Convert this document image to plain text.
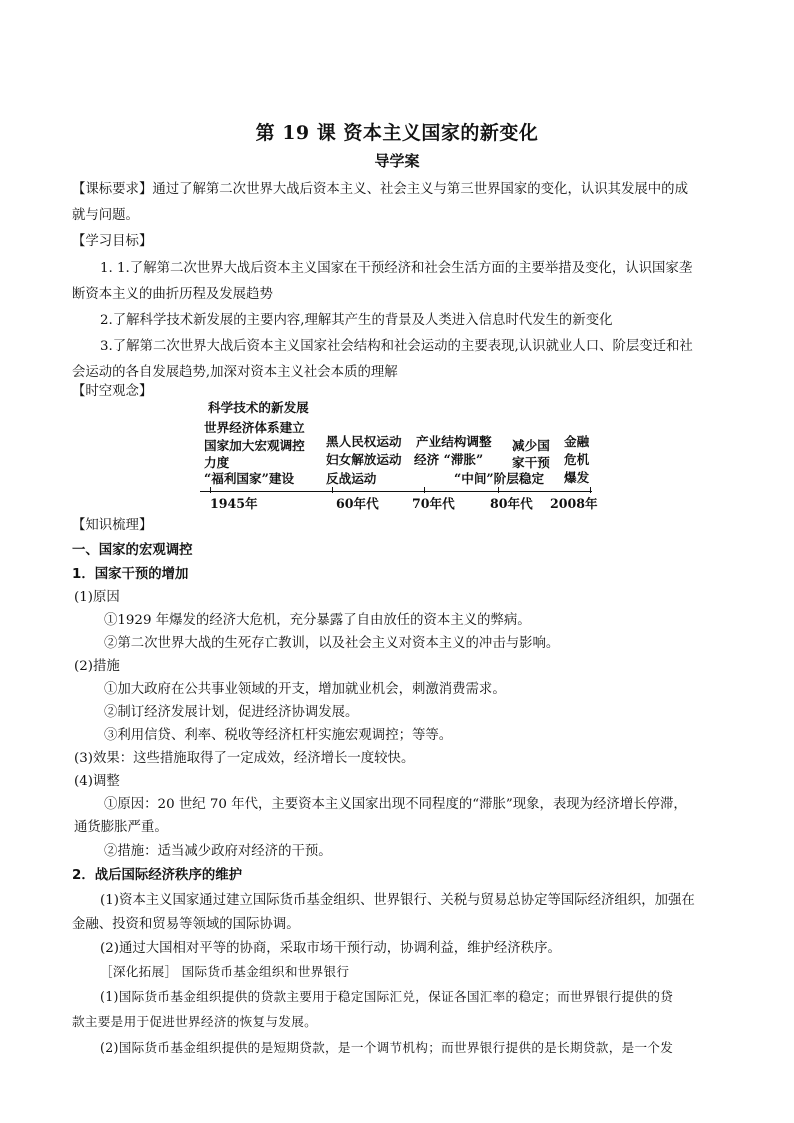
第 19 课 资本主义国家的新变化
导学案
【课标要求】通过了解第二次世界大战后资本主义、社会主义与第三世界国家的变化，认识其发展中的成
就与问题。
【学习目标】
1. 1.了解第二次世界大战后资本主义国家在干预经济和社会生活方面的主要举措及变化，认识国家垄
断资本主义的曲折历程及发展趋势
2.了解科学技术新发展的主要内容,理解其产生的背景及人类进入信息时代发生的新变化
3.了解第二次世界大战后资本主义国家社会结构和社会运动的主要表现,认识就业人口、阶层变迁和社
会运动的各自发展趋势,加深对资本主义社会本质的理解
【时空观念】
科学技术的新发展
世界经济体系建立
国家加大宏观调控
力度
“福利国家”建设
黑人民权运动
妇女解放运动
反战运动
产业结构调整
经济 “滞胀”
“中间”阶层稳定
减少国
家干预
金融
危机
爆发
1945年	60年代	70年代	80年代 2008年
【知识梳理】
一、国家的宏观调控
1．国家干预的增加
(1)原因
①1929 年爆发的经济大危机，充分暴露了自由放任的资本主义的弊病。
②第二次世界大战的生死存亡教训，以及社会主义对资本主义的冲击与影响。
(2)措施
①加大政府在公共事业领域的开支，增加就业机会，刺激消费需求。
②制订经济发展计划，促进经济协调发展。
③利用信贷、利率、税收等经济杠杆实施宏观调控；等等。
(3)效果：这些措施取得了一定成效，经济增长一度较快。
(4)调整
①原因：20 世纪 70 年代，主要资本主义国家出现不同程度的“滞胀”现象，表现为经济增长停滞，
通货膨胀严重。
②措施：适当减少政府对经济的干预。
2．战后国际经济秩序的维护
(1)资本主义国家通过建立国际货币基金组织、世界银行、关税与贸易总协定等国际经济组织，加强在
金融、投资和贸易等领域的国际协调。
(2)通过大国相对平等的协商，采取市场干预行动，协调利益，维护经济秩序。
［深化拓展］ 国际货币基金组织和世界银行
(1)国际货币基金组织提供的贷款主要用于稳定国际汇兑，保证各国汇率的稳定；而世界银行提供的贷
款主要是用于促进世界经济的恢复与发展。
(2)国际货币基金组织提供的是短期贷款，是一个调节机构；而世界银行提供的是长期贷款，是一个发
